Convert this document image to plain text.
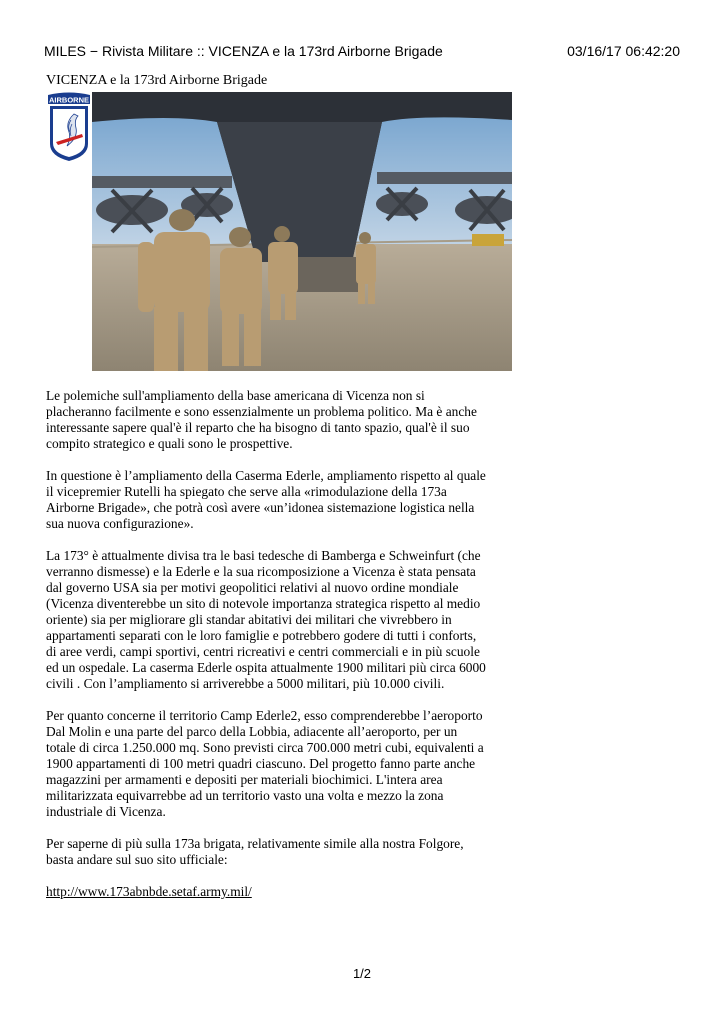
MILES − Rivista Militare :: VICENZA e la 173rd Airborne Brigade	03/16/17 06:42:20
VICENZA e la 173rd Airborne Brigade
AIRBORNE

Le polemiche sull'ampliamento della base americana di Vicenza non si placheranno facilmente e sono essenzialmente un problema politico. Ma è anche interessante sapere qual'è il reparto che ha bisogno di tanto spazio, qual'è il suo compito strategico e quali sono le prospettive.

In questione è l’ampliamento della Caserma Ederle, ampliamento rispetto al quale il vicepremier Rutelli ha spiegato che serve alla «rimodulazione della 173a Airborne Brigade», che potrà così avere «un’idonea sistemazione logistica nella sua nuova configurazione».

La 173° è attualmente divisa tra le basi tedesche di Bamberga e Schweinfurt (che verranno dismesse) e la Ederle e la sua ricomposizione a Vicenza è stata pensata dal governo USA sia per motivi geopolitici relativi al nuovo ordine mondiale (Vicenza diventerebbe un sito di notevole importanza strategica rispetto al medio oriente) sia per migliorare gli standar abitativi dei militari che vivrebbero in appartamenti separati con le loro famiglie e potrebbero godere di tutti i conforts, di aree verdi, campi sportivi, centri ricreativi e centri commerciali e in più scuole ed un ospedale. La caserma Ederle ospita attualmente 1900 militari più circa 6000 civili . Con l’ampliamento si arriverebbe a 5000 militari, più 10.000 civili.

Per quanto concerne il territorio Camp Ederle2, esso comprenderebbe l’aeroporto Dal Molin e una parte del parco della Lobbia, adiacente all’aeroporto, per un totale di circa 1.250.000 mq. Sono previsti circa 700.000 metri cubi, equivalenti a 1900 appartamenti di 100 metri quadri ciascuno. Del progetto fanno parte anche magazzini per armamenti e depositi per materiali biochimici. L'intera area militarizzata equivarrebbe ad un territorio vasto una volta e mezzo la zona industriale di Vicenza.

Per saperne di più sulla 173a brigata, relativamente simile alla nostra Folgore, basta andare sul suo sito ufficiale:

http://www.173abnbde.setaf.army.mil/

1/2
